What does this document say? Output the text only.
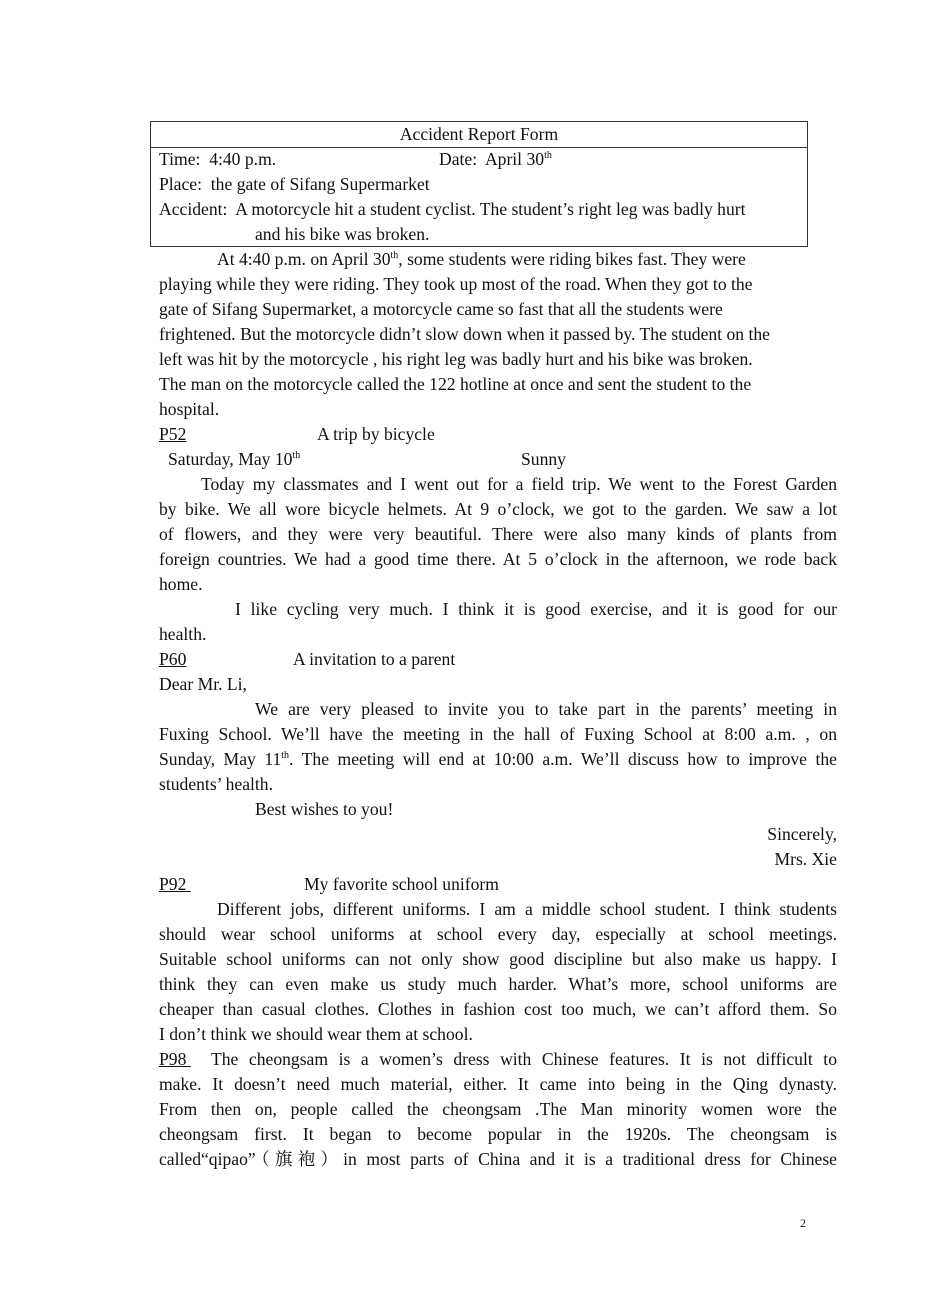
Accident Report Form
Time: 4:40 p.m.	Date: April 30th
Place: the gate of Sifang Supermarket
Accident: A motorcycle hit a student cyclist. The student’s right leg was badly hurt
and his bike was broken.
At 4:40 p.m. on April 30th, some students were riding bikes fast. They were
playing while they were riding. They took up most of the road. When they got to the
gate of Sifang Supermarket, a motorcycle came so fast that all the students were
frightened. But the motorcycle didn’t slow down when it passed by. The student on the
left was hit by the motorcycle , his right leg was badly hurt and his bike was broken.
The man on the motorcycle called the 122 hotline at once and sent the student to the
hospital.
P52	A trip by bicycle
Saturday, May 10th	Sunny
Today my classmates and I went out for a field trip. We went to the Forest Garden
by bike. We all wore bicycle helmets. At 9 o’clock, we got to the garden. We saw a lot
of flowers, and they were very beautiful. There were also many kinds of plants from
foreign countries. We had a good time there. At 5 o’clock in the afternoon, we rode back
home.
I like cycling very much. I think it is good exercise, and it is good for our
health.
P60	A invitation to a parent
Dear Mr. Li,
We are very pleased to invite you to take part in the parents’ meeting in
Fuxing School. We’ll have the meeting in the hall of Fuxing School at 8:00 a.m. , on
Sunday, May 11th. The meeting will end at 10:00 a.m. We’ll discuss how to improve the
students’ health.
Best wishes to you!
Sincerely,
Mrs. Xie
P92	My favorite school uniform
Different jobs, different uniforms. I am a middle school student. I think students
should wear school uniforms at school every day, especially at school meetings.
Suitable school uniforms can not only show good discipline but also make us happy. I
think they can even make us study much harder. What’s more, school uniforms are
cheaper than casual clothes. Clothes in fashion cost too much, we can’t afford them. So
I don’t think we should wear them at school.
P98 The cheongsam is a women’s dress with Chinese features. It is not difficult to
make. It doesn’t need much material, either. It came into being in the Qing dynasty.
From then on, people called the cheongsam .The Man minority women wore the
cheongsam first. It began to become popular in the 1920s. The cheongsam is
called“qipao”（旗袍）in most parts of China and it is a traditional dress for Chinese
2
